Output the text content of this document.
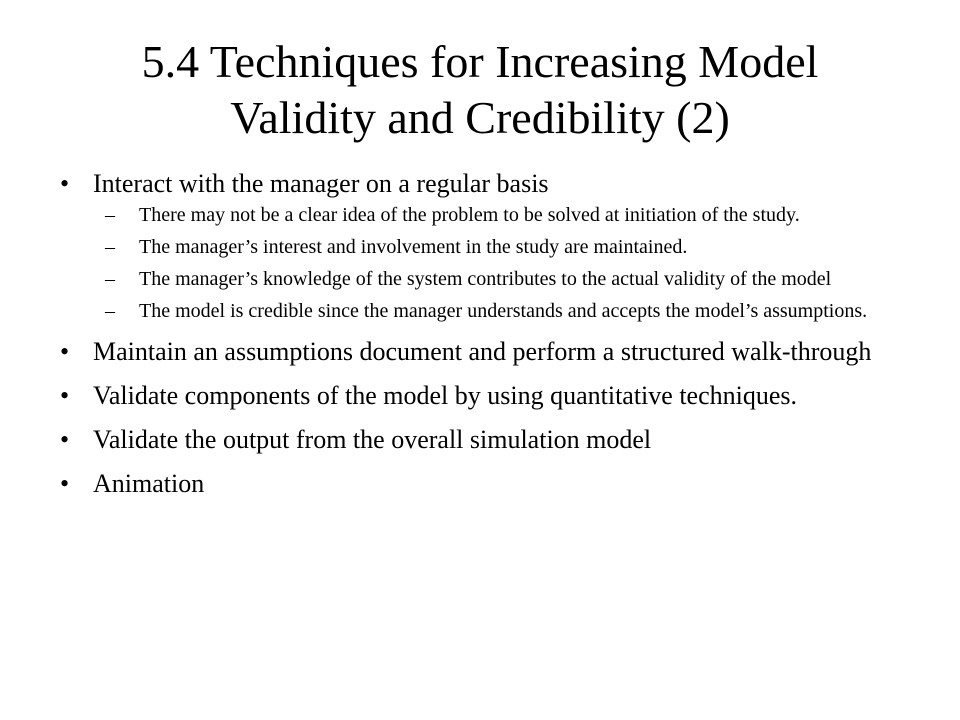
5.4 Techniques for Increasing Model
Validity and Credibility (2)
• Interact with the manager on a regular basis
– There may not be a clear idea of the problem to be solved at initiation of the study.
– The manager’s interest and involvement in the study are maintained.
– The manager’s knowledge of the system contributes to the actual validity of the model
– The model is credible since the manager understands and accepts the model’s assumptions.
• Maintain an assumptions document and perform a structured walk-through
• Validate components of the model by using quantitative techniques.
• Validate the output from the overall simulation model
• Animation
